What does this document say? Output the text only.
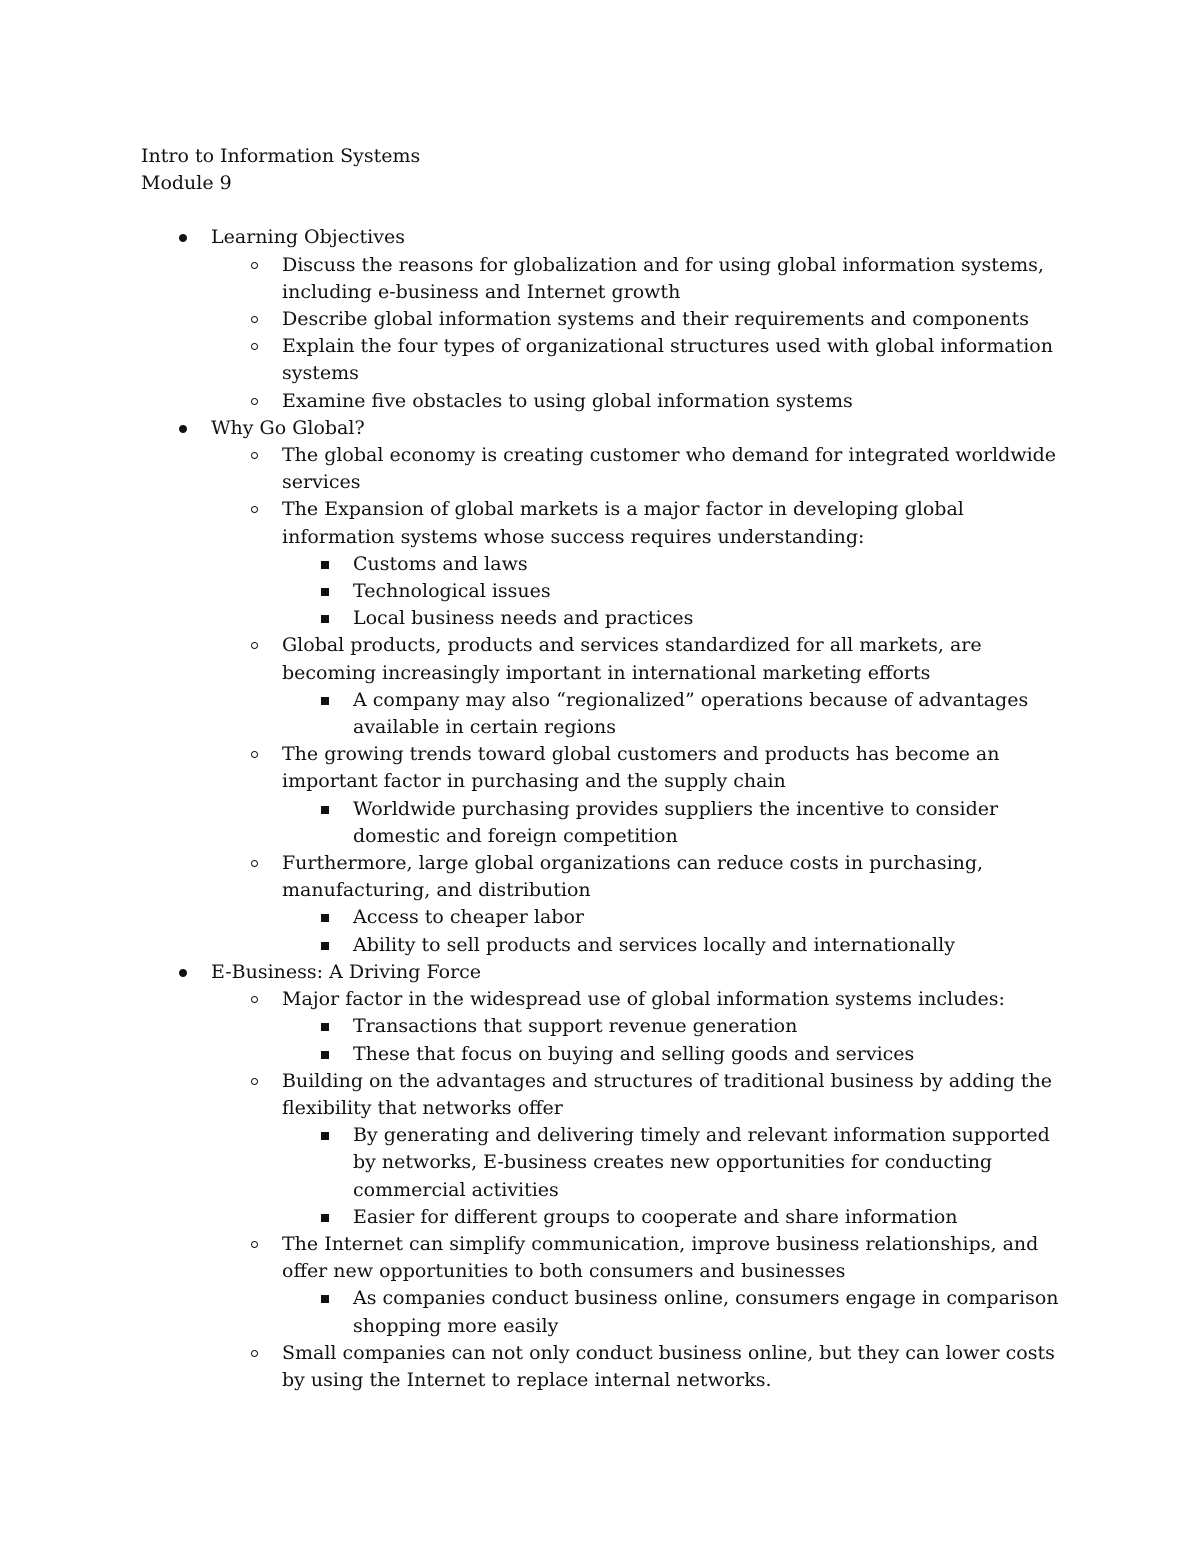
Intro to Information Systems

Module 9

Learning Objectives
Discuss the reasons for globalization and for using global information systems, including e-business and Internet growth
Describe global information systems and their requirements and components
Explain the four types of organizational structures used with global information systems
Examine five obstacles to using global information systems
Why Go Global?
The global economy is creating customer who demand for integrated worldwide services
The Expansion of global markets is a major factor in developing global information systems whose success requires understanding:
Customs and laws
Technological issues
Local business needs and practices
Global products, products and services standardized for all markets, are becoming increasingly important in international marketing efforts
A company may also “regionalized” operations because of advantages available in certain regions
The growing trends toward global customers and products has become an important factor in purchasing and the supply chain
Worldwide purchasing provides suppliers the incentive to consider domestic and foreign competition
Furthermore, large global organizations can reduce costs in purchasing, manufacturing, and distribution
Access to cheaper labor
Ability to sell products and services locally and internationally
E-Business: A Driving Force
Major factor in the widespread use of global information systems includes:
Transactions that support revenue generation
These that focus on buying and selling goods and services
Building on the advantages and structures of traditional business by adding the flexibility that networks offer
By generating and delivering timely and relevant information supported by networks, E-business creates new opportunities for conducting commercial activities
Easier for different groups to cooperate and share information
The Internet can simplify communication, improve business relationships, and offer new opportunities to both consumers and businesses
As companies conduct business online, consumers engage in comparison shopping more easily
Small companies can not only conduct business online, but they can lower costs by using the Internet to replace internal networks.
